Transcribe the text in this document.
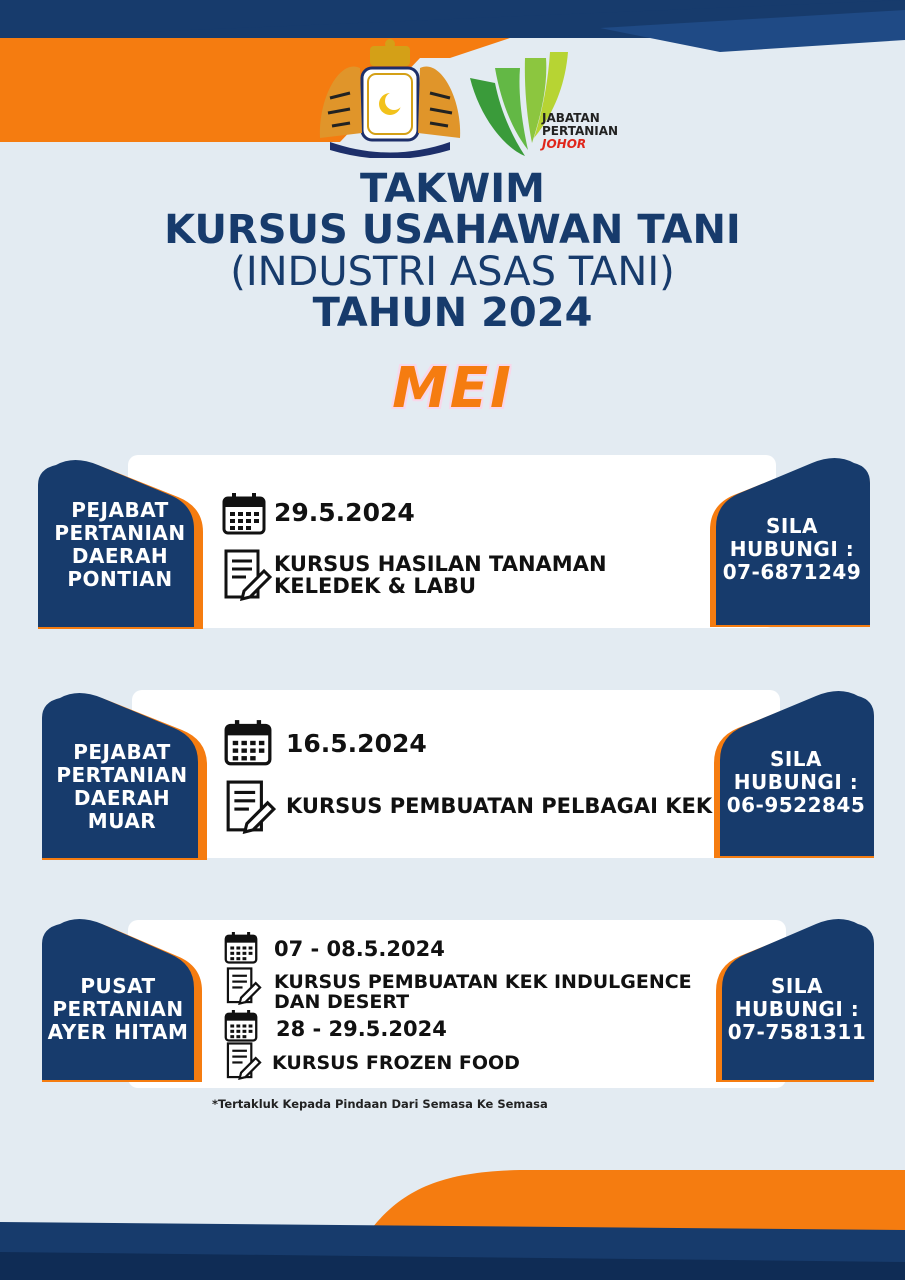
JABATAN
PERTANIAN
JOHOR
TAKWIM
KURSUS USAHAWAN TANI
(INDUSTRI ASAS TANI)
TAHUN 2024
MEI
PEJABAT
PERTANIAN
DAERAH
PONTIAN
SILA
HUBUNGI :
07-6871249
29.5.2024
KURSUS HASILAN TANAMAN
KELEDEK & LABU
PEJABAT
PERTANIAN
DAERAH
MUAR
SILA
HUBUNGI :
06-9522845
16.5.2024
KURSUS PEMBUATAN PELBAGAI KEK
PUSAT
PERTANIAN
AYER HITAM
SILA
HUBUNGI :
07-7581311
07 - 08.5.2024
KURSUS PEMBUATAN KEK INDULGENCE
DAN DESERT
28 - 29.5.2024
KURSUS FROZEN FOOD
*Tertakluk Kepada Pindaan Dari Semasa Ke Semasa
